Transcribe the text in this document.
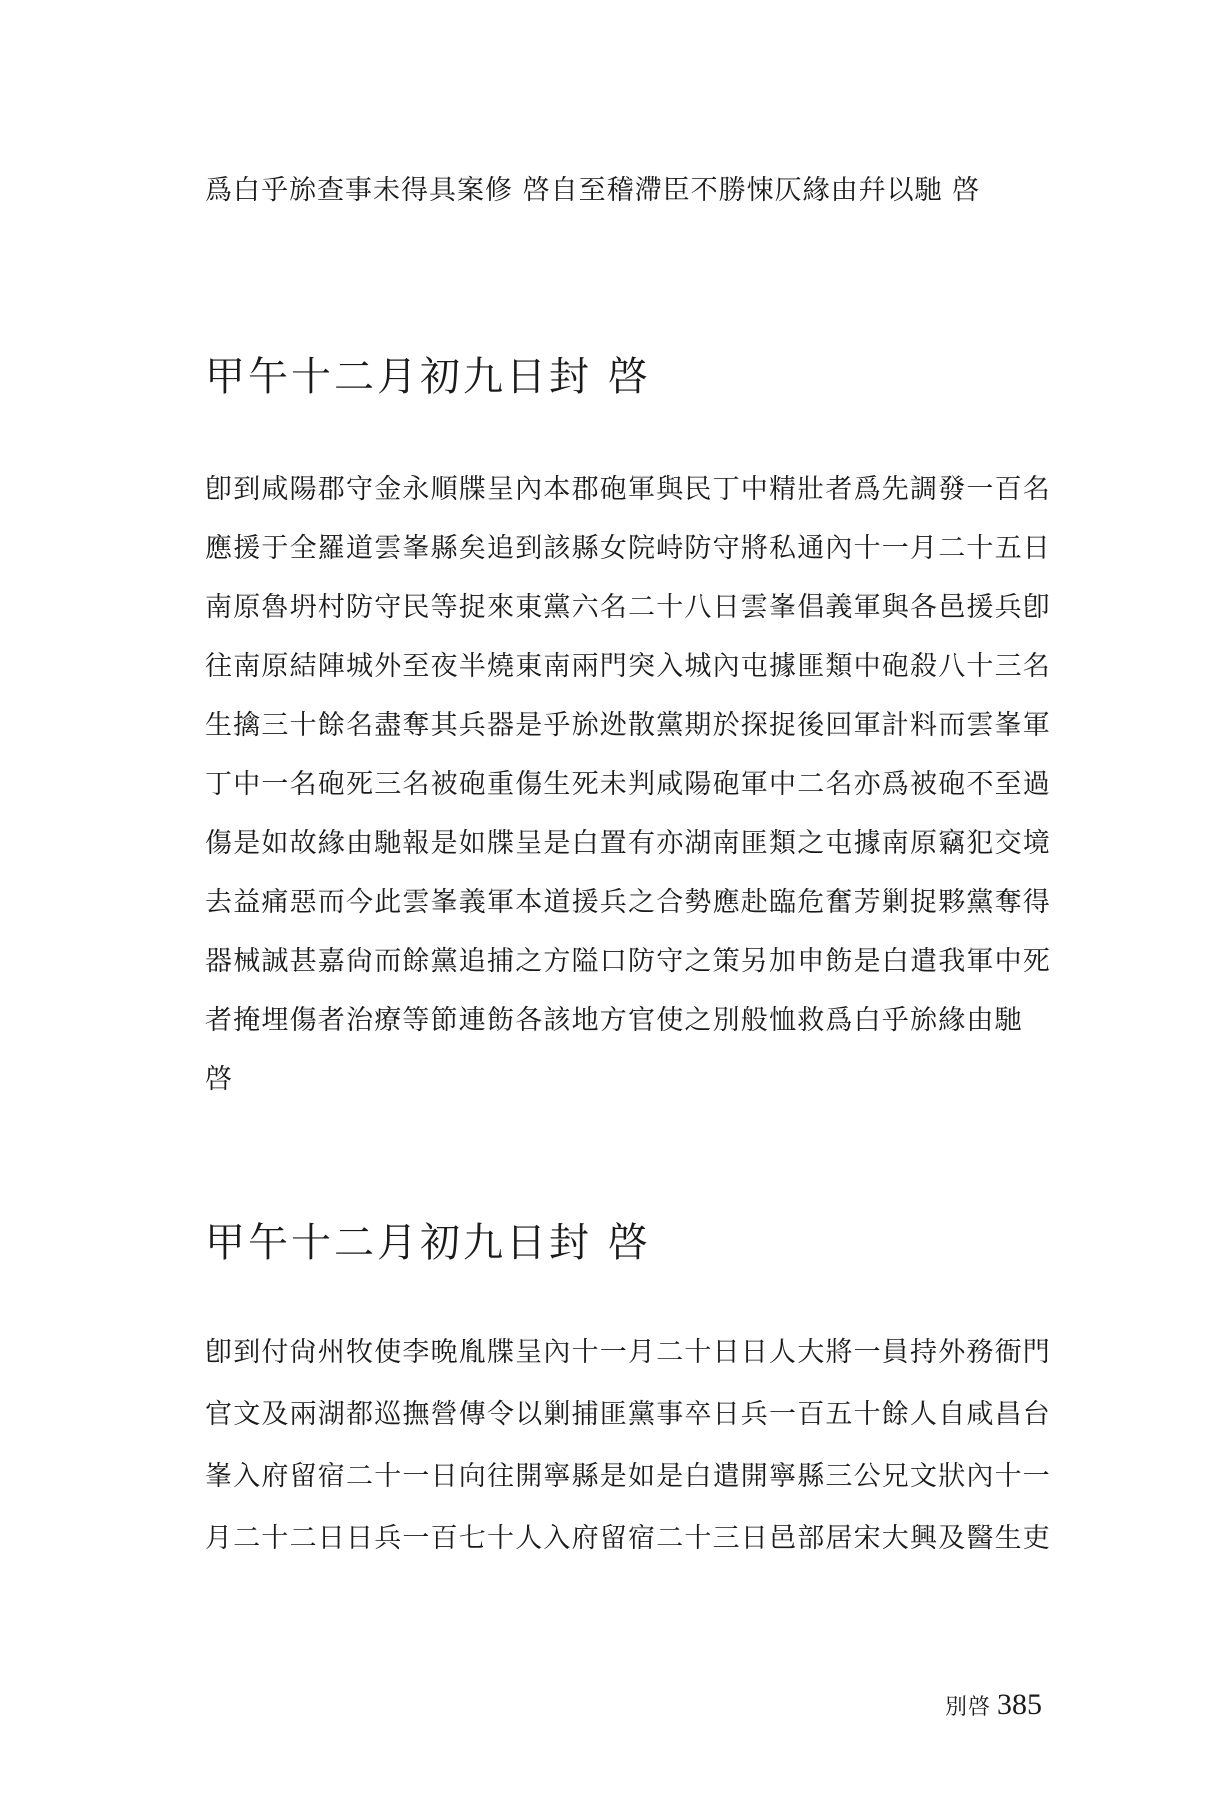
爲白乎旀查事未得具案修 啓自至稽滯臣不勝悚仄緣由幷以馳 啓
甲午十二月初九日封 啓
卽到咸陽郡守金永順牒呈內本郡砲軍與民丁中精壯者爲先調發一百名
應援于全羅道雲峯縣矣追到該縣女院峙防守將私通內十一月二十五日
南原魯坍村防守民等捉來東黨六名二十八日雲峯倡義軍與各邑援兵卽
往南原結陣城外至夜半燒東南兩門突入城內屯據匪類中砲殺八十三名
生擒三十餘名盡奪其兵器是乎旀迯散黨期於探捉後回軍計料而雲峯軍
丁中一名砲死三名被砲重傷生死未判咸陽砲軍中二名亦爲被砲不至過
傷是如故緣由馳報是如牒呈是白置有亦湖南匪類之屯據南原竊犯交境
去益痛惡而今此雲峯義軍本道援兵之合勢應赴臨危奮芳剿捉夥黨奪得
器械誠甚嘉尙而餘黨追捕之方隘口防守之策另加申飭是白遣我軍中死
者掩埋傷者治療等節連飭各該地方官使之別般恤救爲白乎旀緣由馳
啓
甲午十二月初九日封 啓
卽到付尙州牧使李晩胤牒呈內十一月二十日日人大將一員持外務衙門
官文及兩湖都巡撫營傳令以剿捕匪黨事卒日兵一百五十餘人自咸昌台
峯入府留宿二十一日向往開寧縣是如是白遣開寧縣三公兄文狀內十一
月二十二日日兵一百七十人入府留宿二十三日邑部居宋大興及醫生吏
別啓 385
